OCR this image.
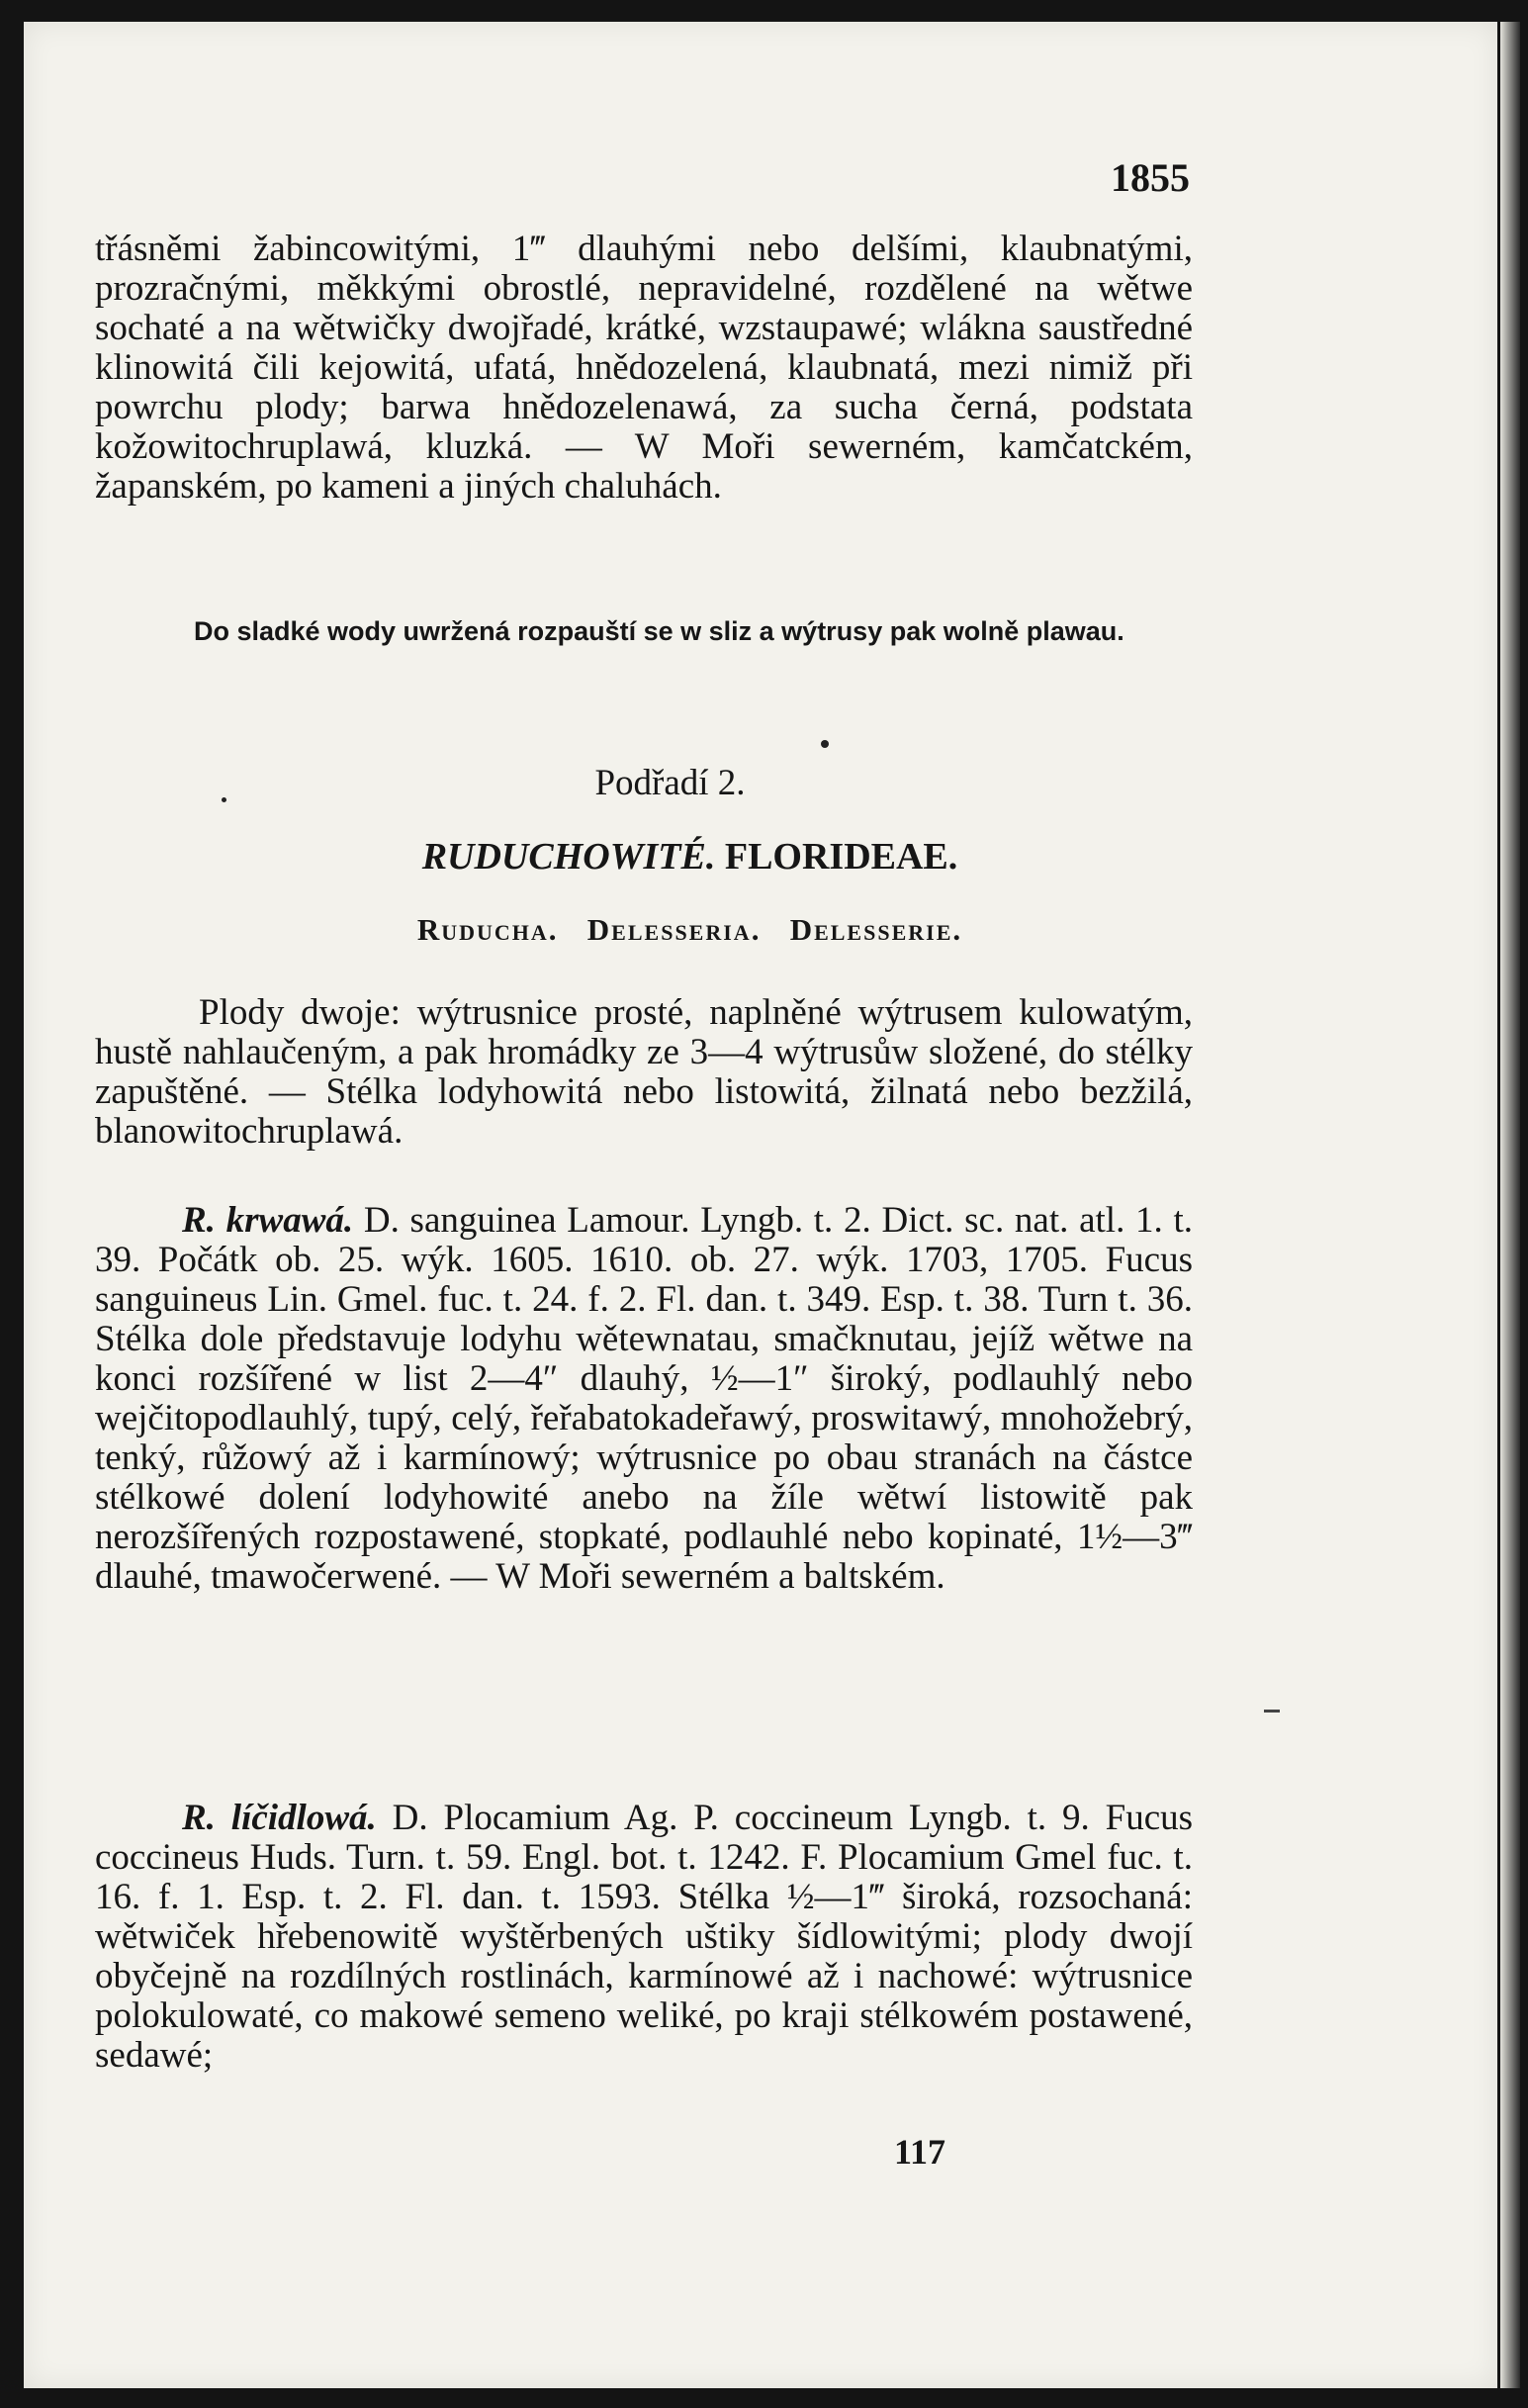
1855
třásněmi žabincowitými, 1‴ dlauhými nebo delšími, klaubnatými, prozračnými, měkkými obrostlé, nepravidelné, rozdělené na wětwe sochaté a na wětwičky dwojřadé, krátké, wzstaupawé; wlákna saustředné klinowitá čili kejowitá, ufatá, hnědozelená, klaubnatá, mezi nimiž při powrchu plody; barwa hnědozelenawá, za sucha černá, podstata kožowitochruplawá, kluzká. — W Moři sewerném, kamčatckém, žapanském, po kameni a jiných chaluhách.
Do sladké wody uwržená rozpauští se w sliz a wýtrusy pak wolně plawau.
Podřadí 2.
RUDUCHOWITÉ. FLORIDEAE.
Ruducha.   Delesseria.   Delesserie.
Plody dwoje: wýtrusnice prosté, naplněné wýtrusem kulowatým, hustě nahlaučeným, a pak hromádky ze 3—4 wýtrusůw složené, do stélky zapuštěné. — Stélka lodyhowitá nebo listowitá, žilnatá nebo bezžilá, blanowitochruplawá.
R. krwawá. D. sanguinea Lamour. Lyngb. t. 2. Dict. sc. nat. atl. 1. t. 39. Počátk ob. 25. wýk. 1605. 1610. ob. 27. wýk. 1703, 1705. Fucus sanguineus Lin. Gmel. fuc. t. 24. f. 2. Fl. dan. t. 349. Esp. t. 38. Turn t. 36. Stélka dole představuje lodyhu wětewnatau, smačknutau, jejíž wětwe na konci rozšířené w list 2—4″ dlauhý, ½—1″ široký, podlauhlý nebo wejčitopodlauhlý, tupý, celý, řeřabatokadeřawý, proswitawý, mnohožebrý, tenký, růžowý až i karmínowý; wýtrusnice po obau stranách na částce stélkowé dolení lodyhowité anebo na žíle wětwí listowitě pak nerozšířených rozpostawené, stopkaté, podlauhlé nebo kopinaté, 1½—3‴ dlauhé, tmawočerwené. — W Moři sewerném a baltském.
R. líčidlowá. D. Plocamium Ag. P. coccineum Lyngb. t. 9. Fucus coccineus Huds. Turn. t. 59. Engl. bot. t. 1242. F. Plocamium Gmel fuc. t. 16. f. 1. Esp. t. 2. Fl. dan. t. 1593. Stélka ½—1‴ široká, rozsochaná: wětwiček hřebenowitě wyštěrbených uštiky šídlowitými; plody dwojí obyčejně na rozdílných rostlinách, karmínowé až i nachowé: wýtrusnice polokulowaté, co makowé semeno weliké, po kraji stélkowém postawené, sedawé;
117
